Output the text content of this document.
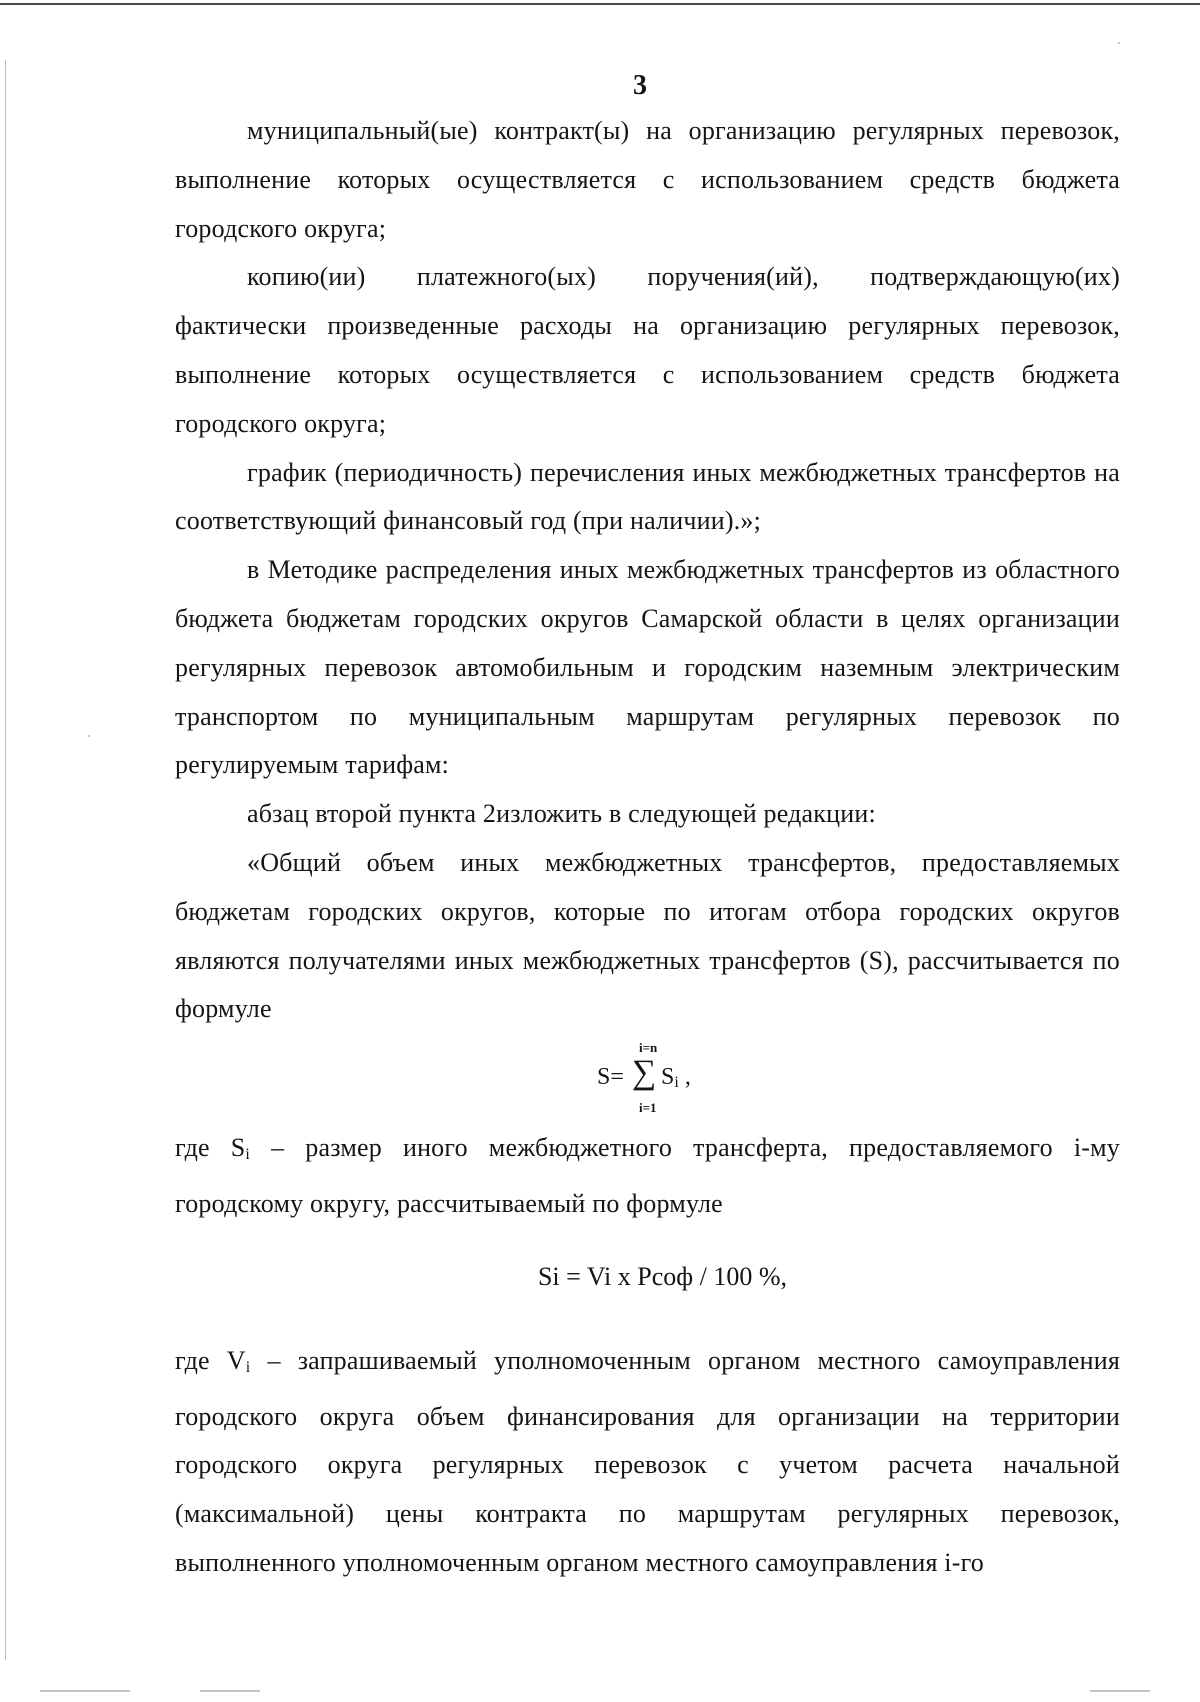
3

муниципальный(ые) контракт(ы) на организацию регулярных перевозок, выполнение которых осуществляется с использованием средств бюджета городского округа;

копию(ии) платежного(ых) поручения(ий), подтверждающую(их) фактически произведенные расходы на организацию регулярных перевозок, выполнение которых осуществляется с использованием средств бюджета городского округа;

график (периодичность) перечисления иных межбюджетных трансфертов на соответствующий финансовый год (при наличии).»;

в Методике распределения иных межбюджетных трансфертов из областного бюджета бюджетам городских округов Самарской области в целях организации регулярных перевозок автомобильным и городским наземным электрическим транспортом по муниципальным маршрутам регулярных перевозок по регулируемым тарифам:

абзац второй пункта 2изложить в следующей редакции:

«Общий объем иных межбюджетных трансфертов, предоставляемых бюджетам городских округов, которые по итогам отбора городских округов являются получателями иных межбюджетных трансфертов (S), рассчитывается по формуле

S=
i=n
∑
i=1
$S_i$ ,

где $S_i$ – размер иного межбюджетного трансферта, предоставляемого i-му городскому округу, рассчитываемый по формуле

Si = Vi x Pсоф / 100 %,

где $V_i$ – запрашиваемый уполномоченным органом местного самоуправления городского округа объем финансирования для организации на территории городского округа регулярных перевозок с учетом расчета начальной (максимальной) цены контракта по маршрутам регулярных перевозок, выполненного уполномоченным органом местного самоуправления i-го
